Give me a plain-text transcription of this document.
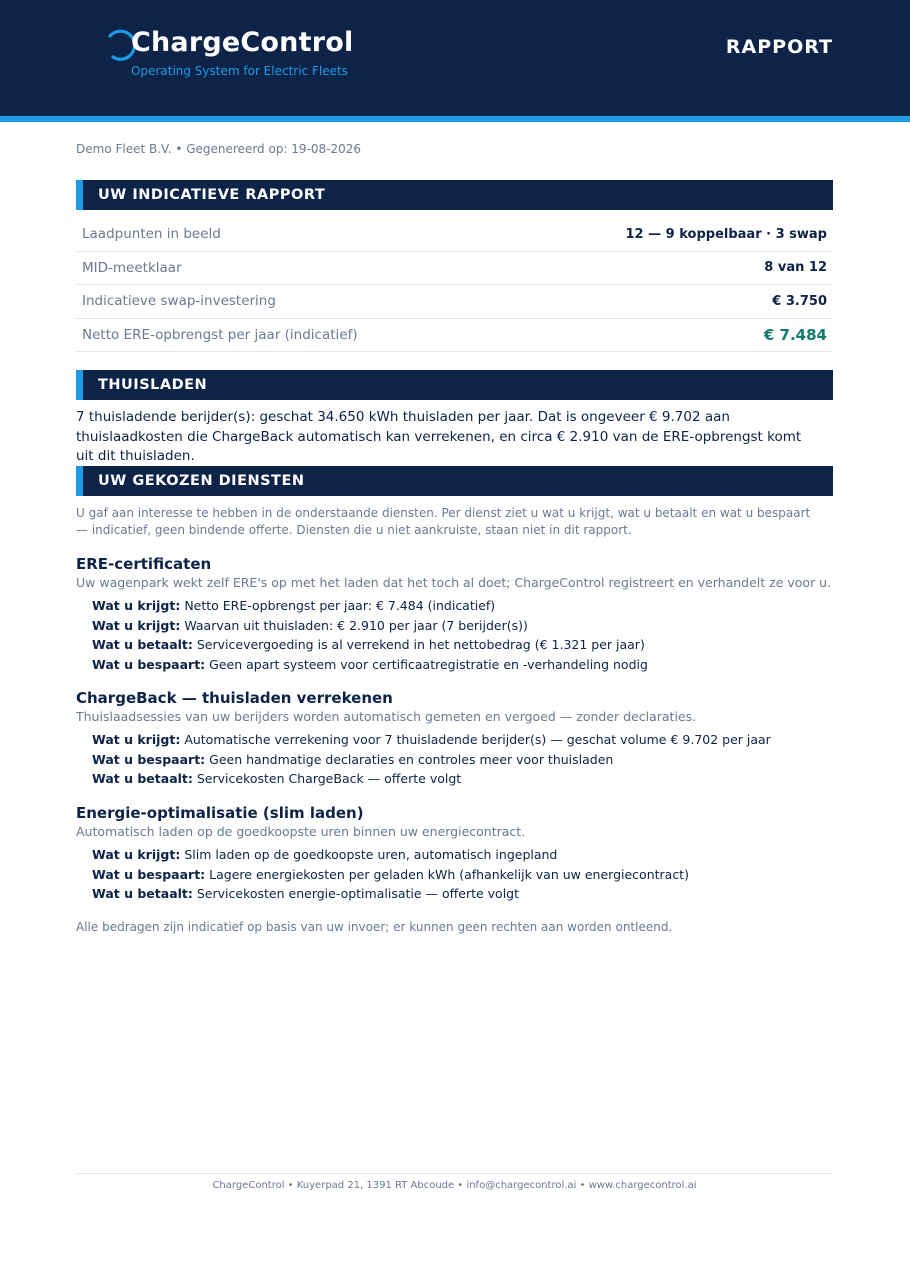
ChargeControl
Operating System for Electric Fleets
RAPPORT
Demo Fleet B.V. • Gegenereerd op: 19-08-2026
UW INDICATIEVE RAPPORT
Laadpunten in beeld	12 — 9 koppelbaar · 3 swap
MID-meetklaar	8 van 12
Indicatieve swap-investering	€ 3.750
Netto ERE-opbrengst per jaar (indicatief)	€ 7.484
THUISLADEN
7 thuisladende berijder(s): geschat 34.650 kWh thuisladen per jaar. Dat is ongeveer € 9.702 aan thuislaadkosten die ChargeBack automatisch kan verrekenen, en circa € 2.910 van de ERE-opbrengst komt uit dit thuisladen.
UW GEKOZEN DIENSTEN
U gaf aan interesse te hebben in de onderstaande diensten. Per dienst ziet u wat u krijgt, wat u betaalt en wat u bespaart — indicatief, geen bindende offerte. Diensten die u niet aankruiste, staan niet in dit rapport.
ERE-certificaten
Uw wagenpark wekt zelf ERE's op met het laden dat het toch al doet; ChargeControl registreert en verhandelt ze voor u.
Wat u krijgt: Netto ERE-opbrengst per jaar: € 7.484 (indicatief)
Wat u krijgt: Waarvan uit thuisladen: € 2.910 per jaar (7 berijder(s))
Wat u betaalt: Servicevergoeding is al verrekend in het nettobedrag (€ 1.321 per jaar)
Wat u bespaart: Geen apart systeem voor certificaatregistratie en -verhandeling nodig
ChargeBack — thuisladen verrekenen
Thuislaadsessies van uw berijders worden automatisch gemeten en vergoed — zonder declaraties.
Wat u krijgt: Automatische verrekening voor 7 thuisladende berijder(s) — geschat volume € 9.702 per jaar
Wat u bespaart: Geen handmatige declaraties en controles meer voor thuisladen
Wat u betaalt: Servicekosten ChargeBack — offerte volgt
Energie-optimalisatie (slim laden)
Automatisch laden op de goedkoopste uren binnen uw energiecontract.
Wat u krijgt: Slim laden op de goedkoopste uren, automatisch ingepland
Wat u bespaart: Lagere energiekosten per geladen kWh (afhankelijk van uw energiecontract)
Wat u betaalt: Servicekosten energie-optimalisatie — offerte volgt
Alle bedragen zijn indicatief op basis van uw invoer; er kunnen geen rechten aan worden ontleend.
ChargeControl • Kuyerpad 21, 1391 RT Abcoude • info@chargecontrol.ai • www.chargecontrol.ai
